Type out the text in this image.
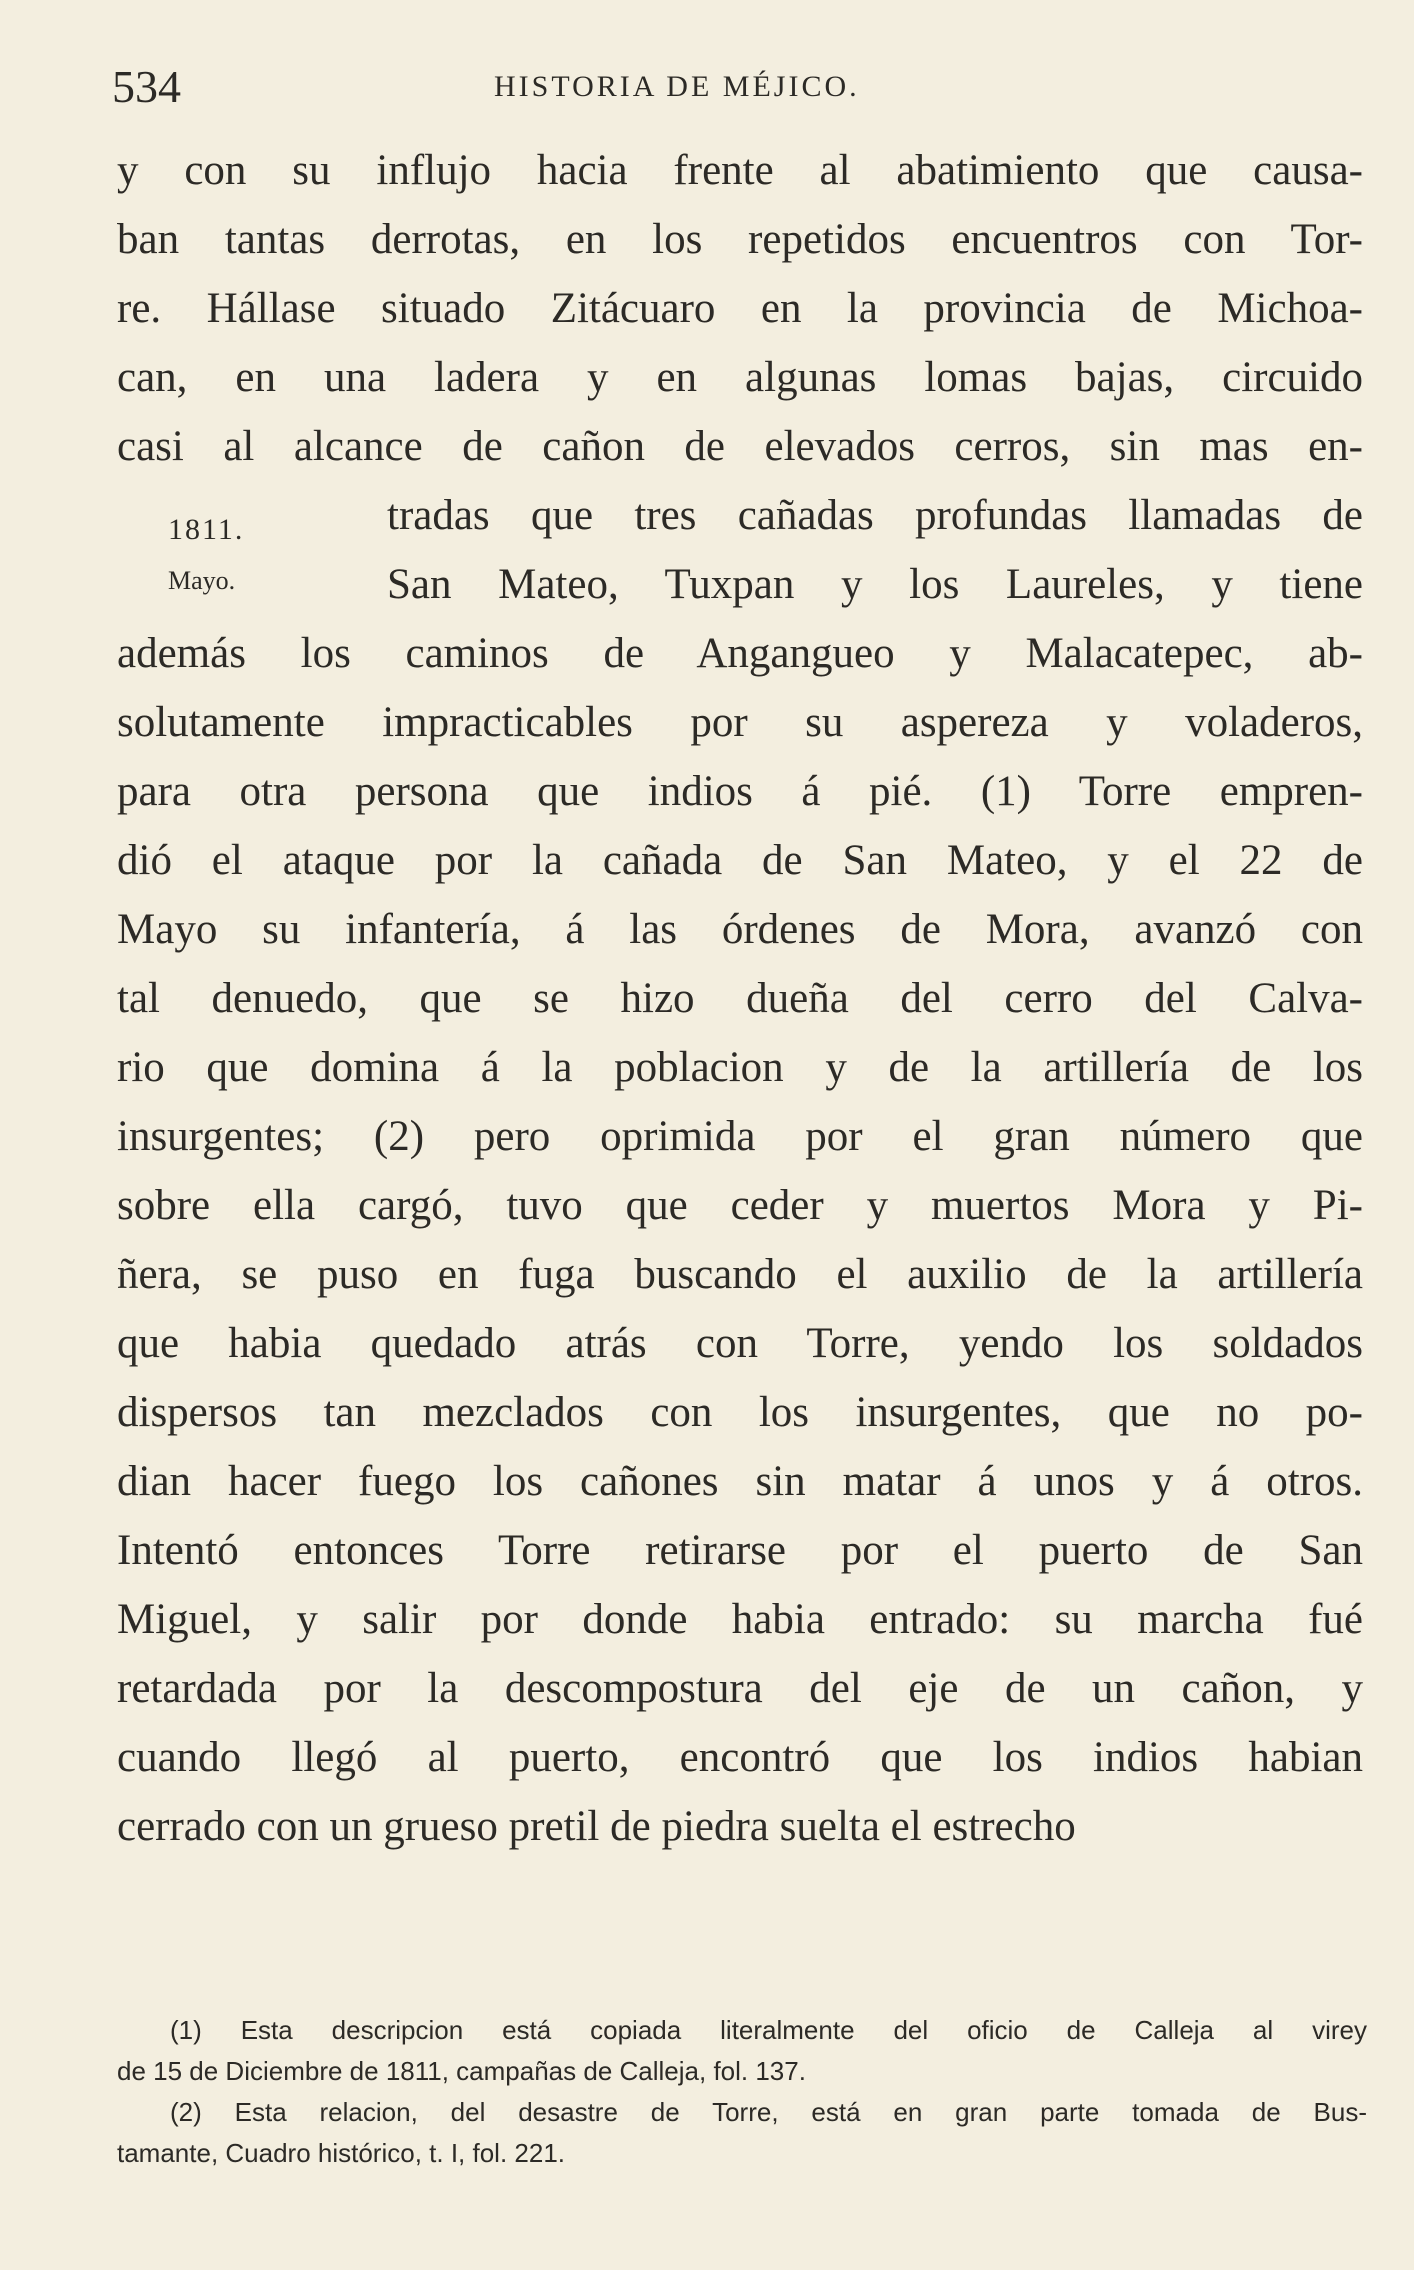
534	HISTORIA DE MÉJICO.
1811.
Mayo.
y con su influjo hacia frente al abatimiento que causa-
ban tantas derrotas, en los repetidos encuentros con Tor-
re. Hállase situado Zitácuaro en la provincia de Michoa-
can, en una ladera y en algunas lomas bajas, circuido
casi al alcance de cañon de elevados cerros, sin mas en-
tradas que tres cañadas profundas llamadas de
San Mateo, Tuxpan y los Laureles, y tiene
además los caminos de Angangueo y Malacatepec, ab-
solutamente impracticables por su aspereza y voladeros,
para otra persona que indios á pié. (1) Torre empren-
dió el ataque por la cañada de San Mateo, y el 22 de
Mayo su infantería, á las órdenes de Mora, avanzó con
tal denuedo, que se hizo dueña del cerro del Calva-
rio que domina á la poblacion y de la artillería de los
insurgentes; (2) pero oprimida por el gran número que
sobre ella cargó, tuvo que ceder y muertos Mora y Pi-
ñera, se puso en fuga buscando el auxilio de la artillería
que habia quedado atrás con Torre, yendo los soldados
dispersos tan mezclados con los insurgentes, que no po-
dian hacer fuego los cañones sin matar á unos y á otros.
Intentó entonces Torre retirarse por el puerto de San
Miguel, y salir por donde habia entrado: su marcha fué
retardada por la descompostura del eje de un cañon, y
cuando llegó al puerto, encontró que los indios habian
cerrado con un grueso pretil de piedra suelta el estrecho
(1) Esta descripcion está copiada literalmente del oficio de Calleja al virey
de 15 de Diciembre de 1811, campañas de Calleja, fol. 137.
(2) Esta relacion, del desastre de Torre, está en gran parte tomada de Bus-
tamante, Cuadro histórico, t. I, fol. 221.
